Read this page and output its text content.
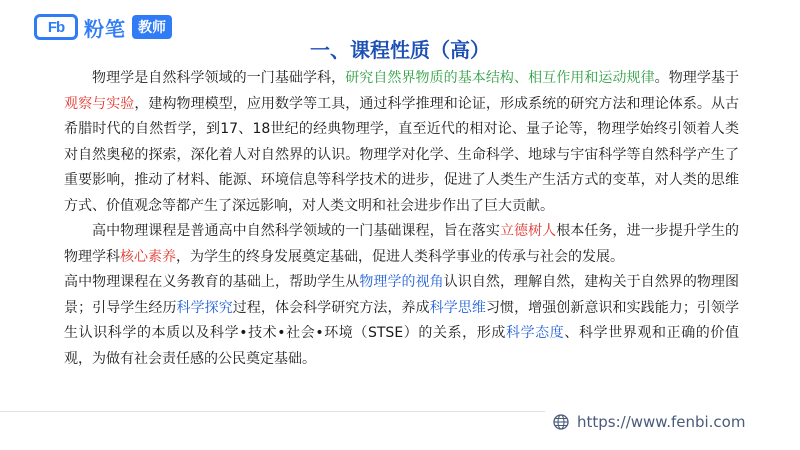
Fb 粉笔 教师
一、课程性质（高）

物理学是自然科学领域的一门基础学科，研究自然界物质的基本结构、相互作用和运动规律。物理学基于观察与实验，建构物理模型，应用数学等工具，通过科学推理和论证，形成系统的研究方法和理论体系。从古希腊时代的自然哲学，到17、18世纪的经典物理学，直至近代的相对论、量子论等，物理学始终引领着人类对自然奥秘的探索，深化着人对自然界的认识。物理学对化学、生命科学、地球与宇宙科学等自然科学产生了重要影响，推动了材料、能源、环境信息等科学技术的进步，促进了人类生产生活方式的变革，对人类的思维方式、价值观念等都产生了深远影响，对人类文明和社会进步作出了巨大贡献。

高中物理课程是普通高中自然科学领域的一门基础课程，旨在落实立德树人根本任务，进一步提升学生的物理学科核心素养，为学生的终身发展奠定基础，促进人类科学事业的传承与社会的发展。

高中物理课程在义务教育的基础上，帮助学生从物理学的视角认识自然，理解自然，建构关于自然界的物理图景；引导学生经历科学探究过程，体会科学研究方法，养成科学思维习惯，增强创新意识和实践能力；引领学生认识科学的本质以及科学•技术•社会•环境（STSE）的关系，形成科学态度、科学世界观和正确的价值观，为做有社会责任感的公民奠定基础。

https://www.fenbi.com
